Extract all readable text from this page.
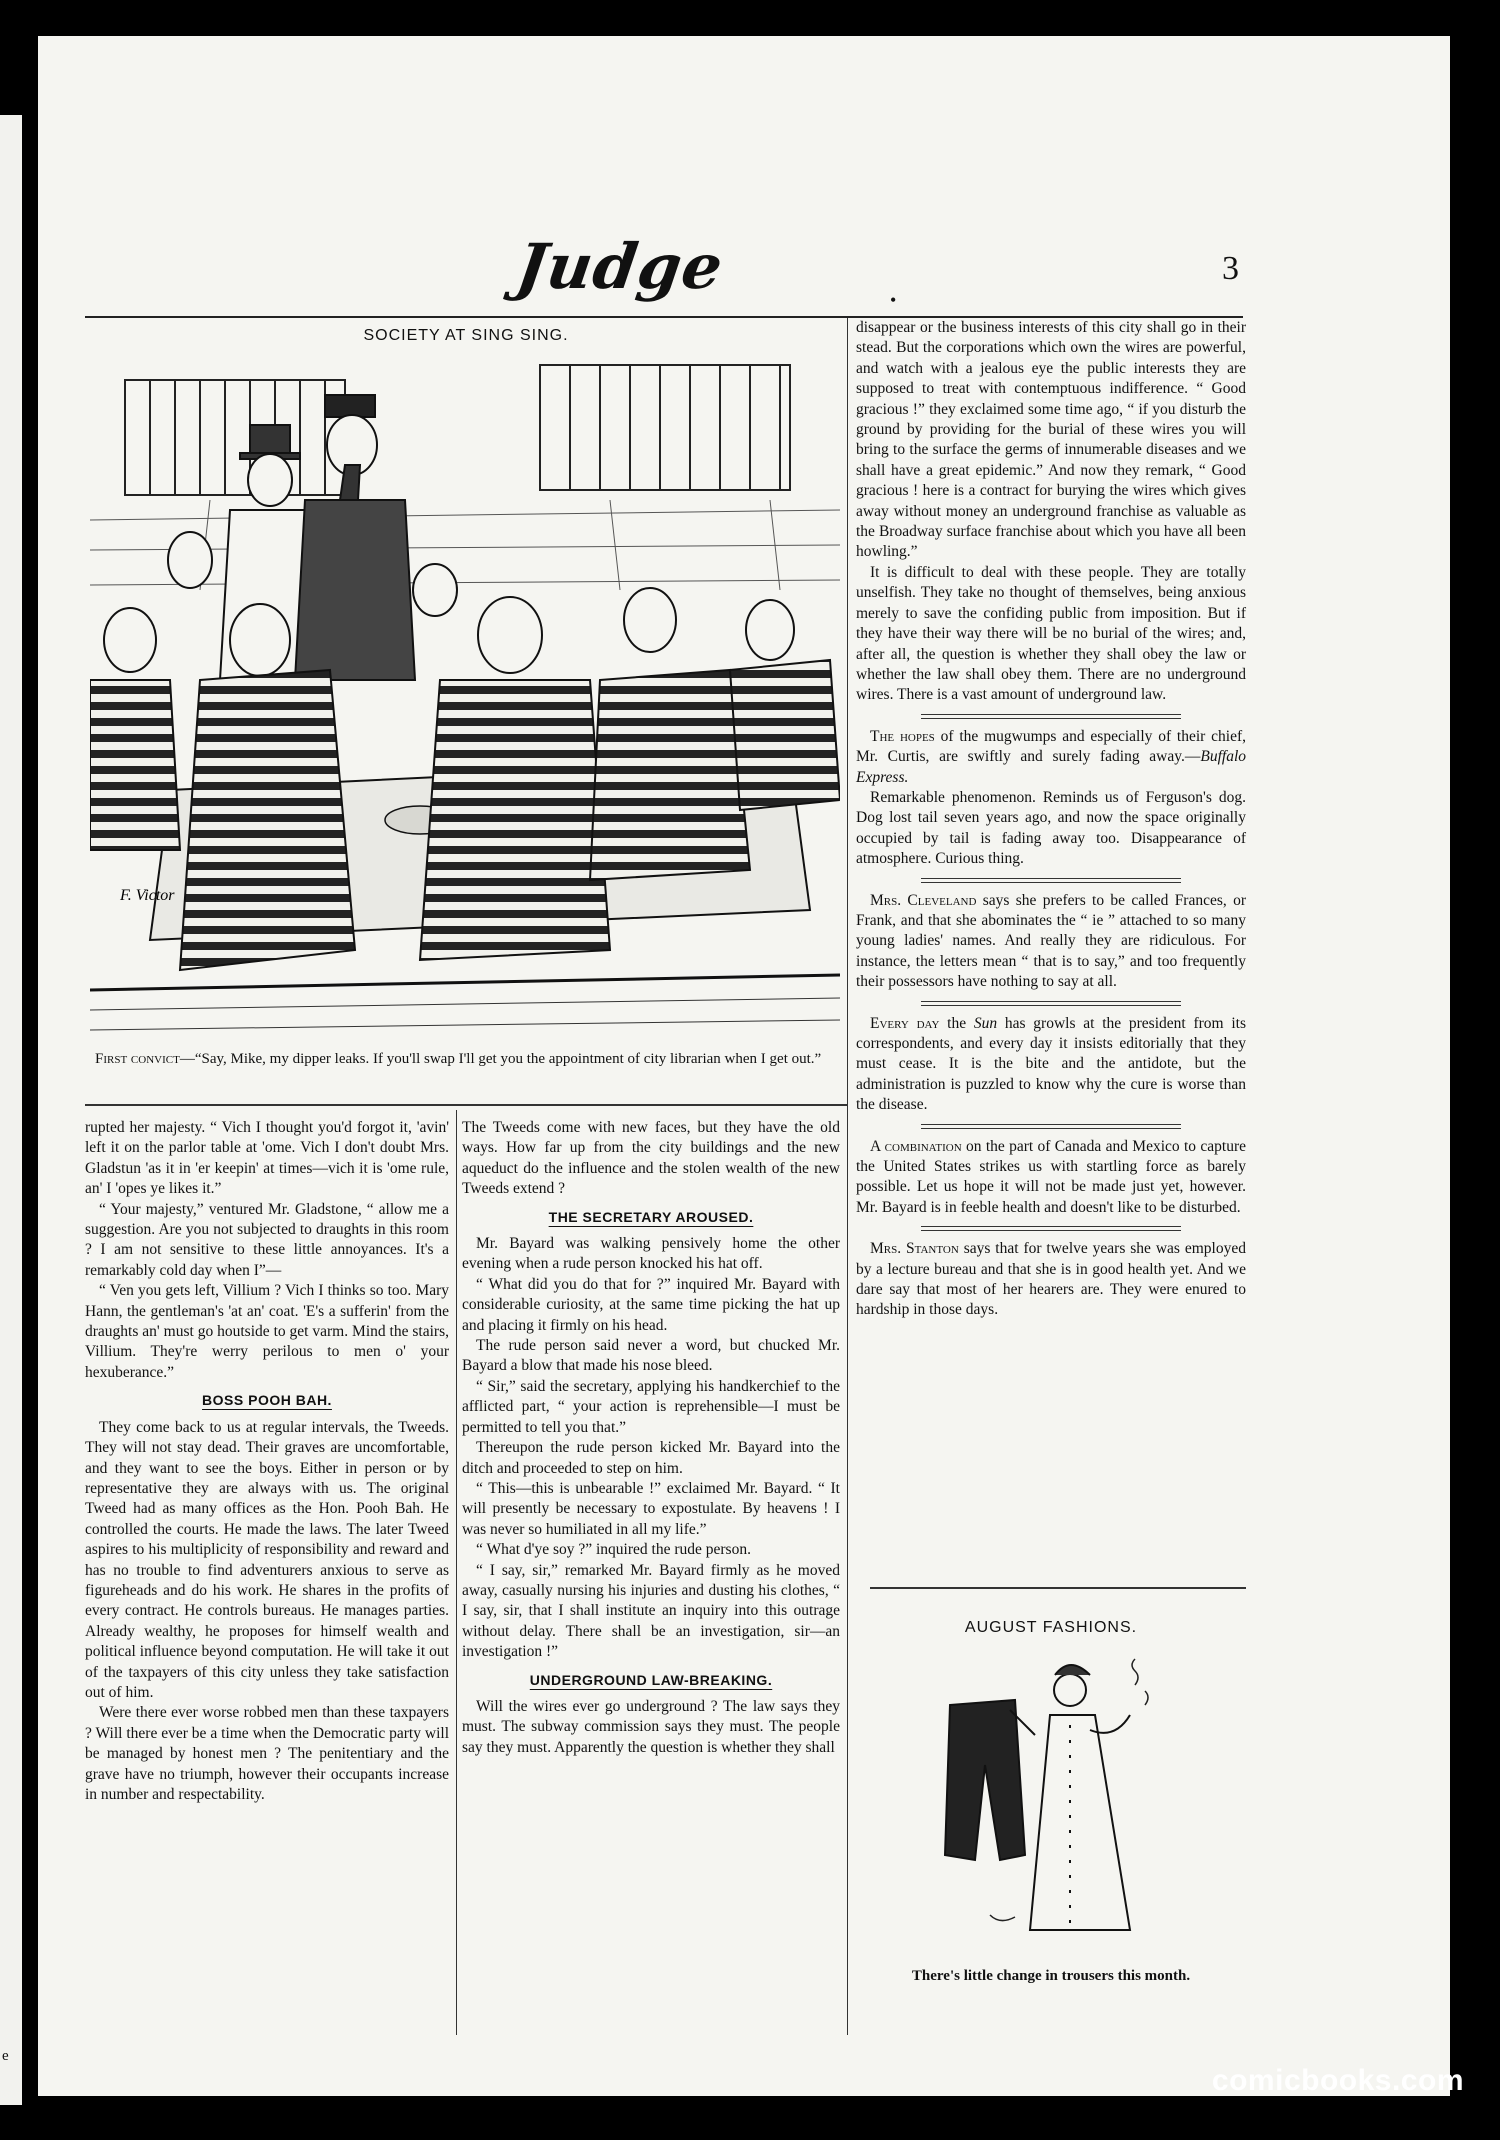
e
Judge	•
3
SOCIETY AT SING SING.
F. Victor
First convict—“Say, Mike, my dipper leaks. If you'll swap I'll get you the appointment of city librarian when I get out.”

rupted her majesty. “ Vich I thought you'd forgot it, 'avin' left it on the parlor table at 'ome. Vich I don't doubt Mrs. Gladstun 'as it in 'er keepin' at times—vich it is 'ome rule, an' I 'opes ye likes it.”

“ Your majesty,” ventured Mr. Gladstone, “ allow me a suggestion. Are you not subjected to draughts in this room ? I am not sensitive to these little annoyances. It's a remarkably cold day when I”—

“ Ven you gets left, Villium ? Vich I thinks so too. Mary Hann, the gentleman's 'at an' coat. 'E's a sufferin' from the draughts an' must go houtside to get varm. Mind the stairs, Villium. They're werry perilous to men o' your hexuberance.”

BOSS POOH BAH.

They come back to us at regular intervals, the Tweeds. They will not stay dead. Their graves are uncomfortable, and they want to see the boys. Either in person or by representative they are always with us. The original Tweed had as many offices as the Hon. Pooh Bah. He controlled the courts. He made the laws. The later Tweed aspires to his multiplicity of responsibility and reward and has no trouble to find adventurers anxious to serve as figureheads and do his work. He shares in the profits of every contract. He controls bureaus. He manages parties. Already wealthy, he proposes for himself wealth and political influence beyond computation. He will take it out of the taxpayers of this city unless they take satisfaction out of him.

Were there ever worse robbed men than these taxpayers ? Will there ever be a time when the Democratic party will be managed by honest men ? The penitentiary and the grave have no triumph, however their occupants increase in number and respectability.

The Tweeds come with new faces, but they have the old ways. How far up from the city buildings and the new aqueduct do the influence and the stolen wealth of the new Tweeds extend ?

THE SECRETARY AROUSED.

Mr. Bayard was walking pensively home the other evening when a rude person knocked his hat off.

“ What did you do that for ?” inquired Mr. Bayard with considerable curiosity, at the same time picking the hat up and placing it firmly on his head.

The rude person said never a word, but chucked Mr. Bayard a blow that made his nose bleed.

“ Sir,” said the secretary, applying his handkerchief to the afflicted part, “ your action is reprehensible—I must be permitted to tell you that.”

Thereupon the rude person kicked Mr. Bayard into the ditch and proceeded to step on him.

“ This—this is unbearable !” exclaimed Mr. Bayard. “ It will presently be necessary to expostulate. By heavens ! I was never so humiliated in all my life.”

“ What d'ye soy ?” inquired the rude person.

“ I say, sir,” remarked Mr. Bayard firmly as he moved away, casually nursing his injuries and dusting his clothes, “ I say, sir, that I shall institute an inquiry into this outrage without delay. There shall be an investigation, sir—an investigation !”

UNDERGROUND LAW-BREAKING.

Will the wires ever go underground ? The law says they must. The subway commission says they must. The people say they must. Apparently the question is whether they shall

disappear or the business interests of this city shall go in their stead. But the corporations which own the wires are powerful, and watch with a jealous eye the public interests they are supposed to treat with contemptuous indifference. “ Good gracious !” they exclaimed some time ago, “ if you disturb the ground by providing for the burial of these wires you will bring to the surface the germs of innumerable diseases and we shall have a great epidemic.” And now they remark, “ Good gracious ! here is a contract for burying the wires which gives away without money an underground franchise as valuable as the Broadway surface franchise about which you have all been howling.”

It is difficult to deal with these people. They are totally unselfish. They take no thought of themselves, being anxious merely to save the confiding public from imposition. But if they have their way there will be no burial of the wires; and, after all, the question is whether they shall obey the law or whether the law shall obey them. There are no underground wires. There is a vast amount of underground law.

The hopes of the mugwumps and especially of their chief, Mr. Curtis, are swiftly and surely fading away.—Buffalo Express.

Remarkable phenomenon. Reminds us of Ferguson's dog. Dog lost tail seven years ago, and now the space originally occupied by tail is fading away too. Disappearance of atmosphere. Curious thing.

Mrs. Cleveland says she prefers to be called Frances, or Frank, and that she abominates the “ ie ” attached to so many young ladies' names. And really they are ridiculous. For instance, the letters mean “ that is to say,” and too frequently their possessors have nothing to say at all.

Every day the Sun has growls at the president from its correspondents, and every day it insists editorially that they must cease. It is the bite and the antidote, but the administration is puzzled to know why the cure is worse than the disease.

A combination on the part of Canada and Mexico to capture the United States strikes us with startling force as barely possible. Let us hope it will not be made just yet, however. Mr. Bayard is in feeble health and doesn't like to be disturbed.

Mrs. Stanton says that for twelve years she was employed by a lecture bureau and that she is in good health yet. And we dare say that most of her hearers are. They were enured to hardship in those days.

AUGUST FASHIONS.
There's little change in trousers this month.
comicbooks.com
